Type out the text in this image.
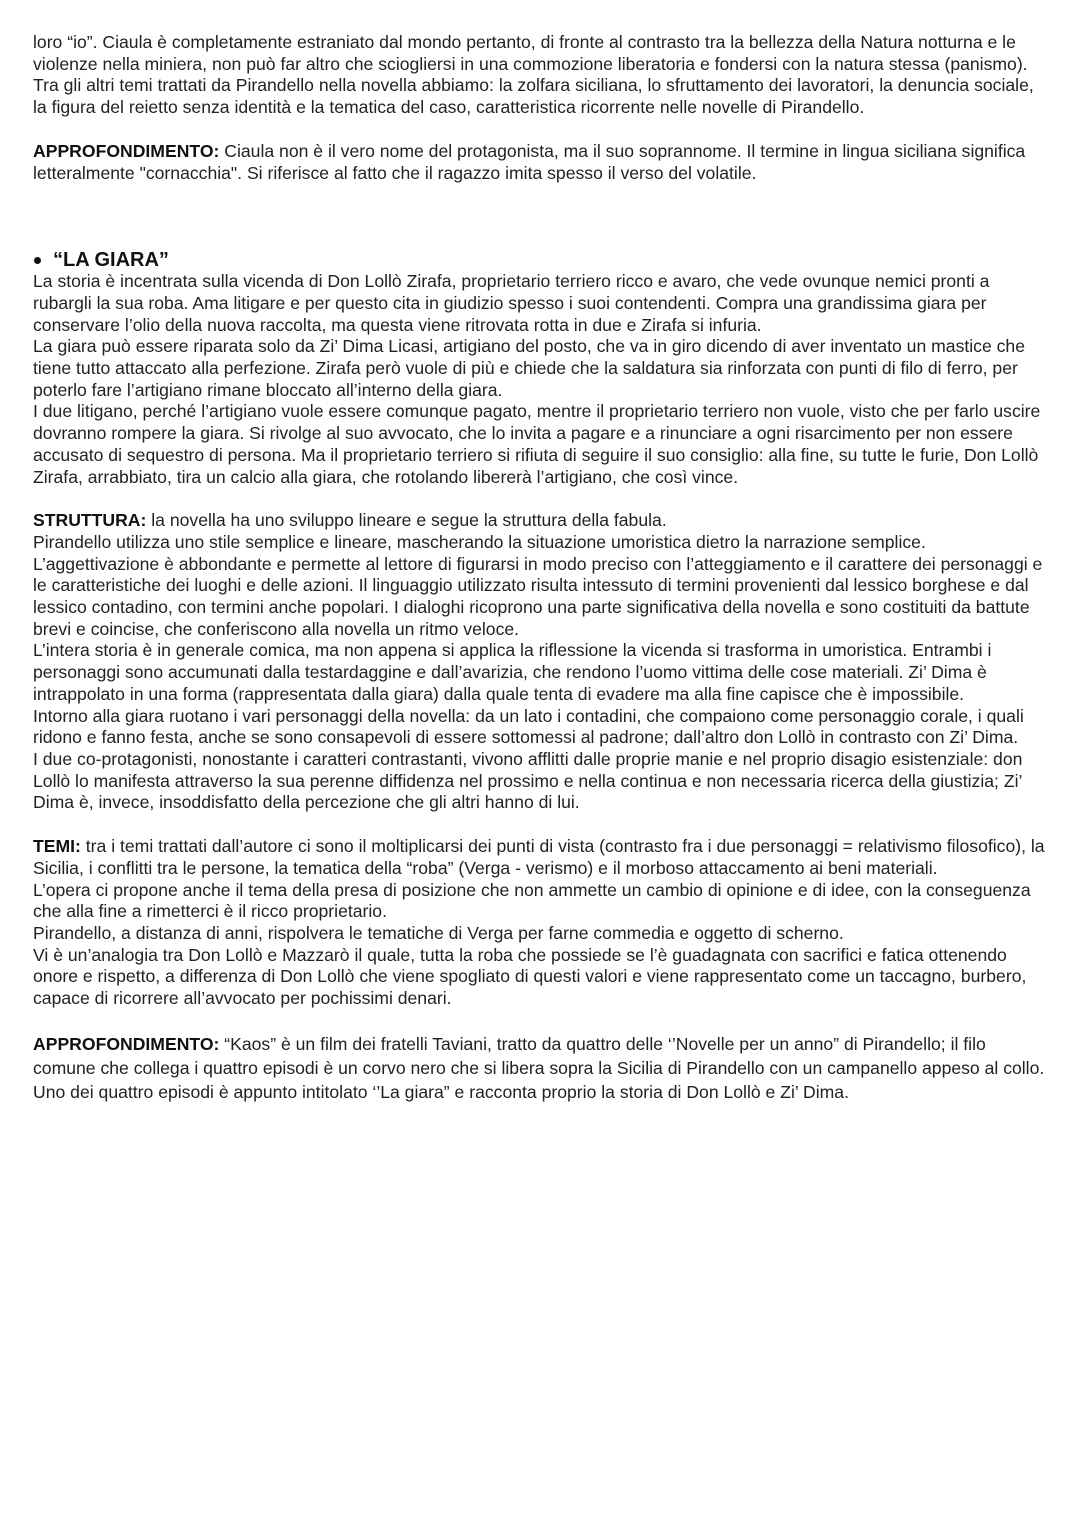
loro “io”. Ciaula è completamente estraniato dal mondo pertanto, di fronte al contrasto tra la bellezza della Natura notturna e le violenze nella miniera, non può far altro che sciogliersi in una commozione liberatoria e fondersi con la natura stessa (panismo).

Tra gli altri temi trattati da Pirandello nella novella abbiamo: la zolfara siciliana, lo sfruttamento dei lavoratori, la denuncia sociale, la figura del reietto senza identità e la tematica del caso, caratteristica ricorrente nelle novelle di Pirandello.

APPROFONDIMENTO: Ciaula non è il vero nome del protagonista, ma il suo soprannome. Il termine in lingua siciliana significa letteralmente "cornacchia". Si riferisce al fatto che il ragazzo imita spesso il verso del volatile.

“LA GIARA”

La storia è incentrata sulla vicenda di Don Lollò Zirafa, proprietario terriero ricco e avaro, che vede ovunque nemici pronti a rubargli la sua roba. Ama litigare e per questo cita in giudizio spesso i suoi contendenti. Compra una grandissima giara per conservare l’olio della nuova raccolta, ma questa viene ritrovata rotta in due e Zirafa si infuria.

La giara può essere riparata solo da Zi’ Dima Licasi, artigiano del posto, che va in giro dicendo di aver inventato un mastice che tiene tutto attaccato alla perfezione. Zirafa però vuole di più e chiede che la saldatura sia rinforzata con punti di filo di ferro, per poterlo fare l’artigiano rimane bloccato all’interno della giara.

I due litigano, perché l’artigiano vuole essere comunque pagato, mentre il proprietario terriero non vuole, visto che per farlo uscire dovranno rompere la giara. Si rivolge al suo avvocato, che lo invita a pagare e a rinunciare a ogni risarcimento per non essere accusato di sequestro di persona. Ma il proprietario terriero si rifiuta di seguire il suo consiglio: alla fine, su tutte le furie, Don Lollò Zirafa, arrabbiato, tira un calcio alla giara, che rotolando libererà l’artigiano, che così vince.

STRUTTURA: la novella ha uno sviluppo lineare e segue la struttura della fabula.

Pirandello utilizza uno stile semplice e lineare, mascherando la situazione umoristica dietro la narrazione semplice. L’aggettivazione è abbondante e permette al lettore di figurarsi in modo preciso con l’atteggiamento e il carattere dei personaggi e le caratteristiche dei luoghi e delle azioni. Il linguaggio utilizzato risulta intessuto di termini provenienti dal lessico borghese e dal lessico contadino, con termini anche popolari. I dialoghi ricoprono una parte significativa della novella e sono costituiti da battute brevi e coincise, che conferiscono alla novella un ritmo veloce.

L’intera storia è in generale comica, ma non appena si applica la riflessione la vicenda si trasforma in umoristica. Entrambi i personaggi sono accumunati dalla testardaggine e dall’avarizia, che rendono l’uomo vittima delle cose materiali. Zi’ Dima è intrappolato in una forma (rappresentata dalla giara) dalla quale tenta di evadere ma alla fine capisce che è impossibile.

Intorno alla giara ruotano i vari personaggi della novella: da un lato i contadini, che compaiono come personaggio corale, i quali ridono e fanno festa, anche se sono consapevoli di essere sottomessi al padrone; dall’altro don Lollò in contrasto con Zi’ Dima.

I due co-protagonisti, nonostante i caratteri contrastanti, vivono afflitti dalle proprie manie e nel proprio disagio esistenziale: don Lollò lo manifesta attraverso la sua perenne diffidenza nel prossimo e nella continua e non necessaria ricerca della giustizia; Zi’ Dima è, invece, insoddisfatto della percezione che gli altri hanno di lui.

TEMI: tra i temi trattati dall’autore ci sono il moltiplicarsi dei punti di vista (contrasto fra i due personaggi = relativismo filosofico), la Sicilia, i conflitti tra le persone, la tematica della “roba” (Verga - verismo) e il morboso attaccamento ai beni materiali.

L’opera ci propone anche il tema della presa di posizione che non ammette un cambio di opinione e di idee, con la conseguenza che alla fine a rimetterci è il ricco proprietario.

Pirandello, a distanza di anni, rispolvera le tematiche di Verga per farne commedia e oggetto di scherno.

Vi è un’analogia tra Don Lollò e Mazzarò il quale, tutta la roba che possiede se l’è guadagnata con sacrifici e fatica ottenendo onore e rispetto, a differenza di Don Lollò che viene spogliato di questi valori e viene rappresentato come un taccagno, burbero, capace di ricorrere all’avvocato per pochissimi denari.

APPROFONDIMENTO: “Kaos” è un film dei fratelli Taviani, tratto da quattro delle ‘’Novelle per un anno” di Pirandello; il filo comune che collega i quattro episodi è un corvo nero che si libera sopra la Sicilia di Pirandello con un campanello appeso al collo.

Uno dei quattro episodi è appunto intitolato ‘’La giara” e racconta proprio la storia di Don Lollò e Zi’ Dima.
